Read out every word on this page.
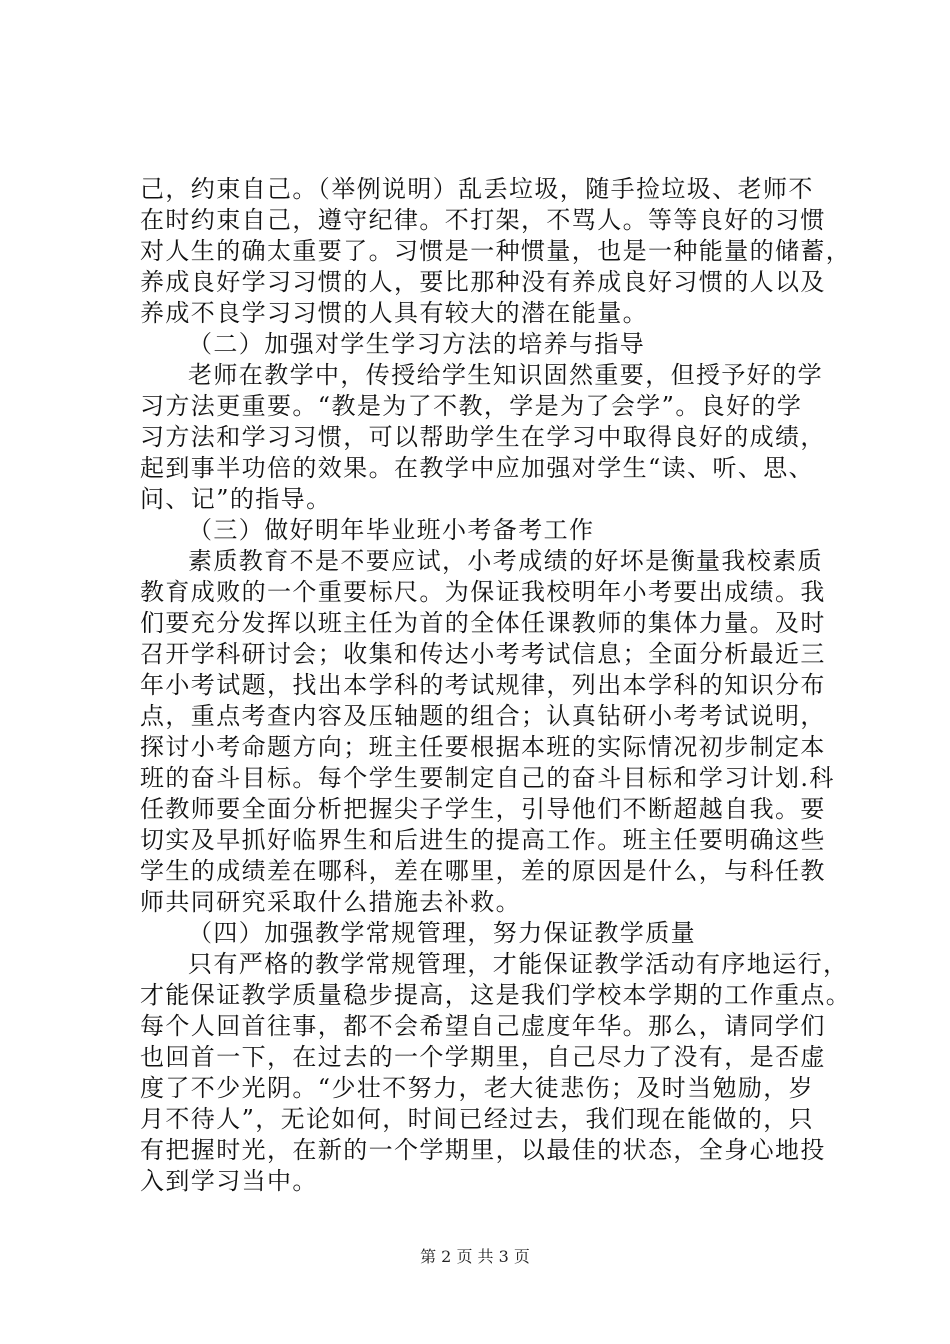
己，约束自己。（举例说明）乱丢垃圾，随手捡垃圾、老师不
在时约束自己，遵守纪律。不打架，不骂人。等等良好的习惯
对人生的确太重要了。习惯是一种惯量，也是一种能量的储蓄，
养成良好学习习惯的人，要比那种没有养成良好习惯的人以及
养成不良学习习惯的人具有较大的潜在能量。
（二）加强对学生学习方法的培养与指导
老师在教学中，传授给学生知识固然重要，但授予好的学
习方法更重要。“教是为了不教，学是为了会学”。良好的学
习方法和学习习惯，可以帮助学生在学习中取得良好的成绩，
起到事半功倍的效果。在教学中应加强对学生“读、听、思、
问、记”的指导。
（三）做好明年毕业班小考备考工作
素质教育不是不要应试，小考成绩的好坏是衡量我校素质
教育成败的一个重要标尺。为保证我校明年小考要出成绩。我
们要充分发挥以班主任为首的全体任课教师的集体力量。及时
召开学科研讨会；收集和传达小考考试信息；全面分析最近三
年小考试题，找出本学科的考试规律，列出本学科的知识分布
点，重点考查内容及压轴题的组合；认真钻研小考考试说明，
探讨小考命题方向；班主任要根据本班的实际情况初步制定本
班的奋斗目标。每个学生要制定自己的奋斗目标和学习计划.科
任教师要全面分析把握尖子学生，引导他们不断超越自我。要
切实及早抓好临界生和后进生的提高工作。班主任要明确这些
学生的成绩差在哪科，差在哪里，差的原因是什么，与科任教
师共同研究采取什么措施去补救。
（四）加强教学常规管理，努力保证教学质量
只有严格的教学常规管理，才能保证教学活动有序地运行，
才能保证教学质量稳步提高，这是我们学校本学期的工作重点。
每个人回首往事，都不会希望自己虚度年华。那么，请同学们
也回首一下，在过去的一个学期里，自己尽力了没有，是否虚
度了不少光阴。“少壮不努力，老大徒悲伤；及时当勉励，岁
月不待人”，无论如何，时间已经过去，我们现在能做的，只
有把握时光，在新的一个学期里，以最佳的状态，全身心地投
入到学习当中。
第 2 页 共 3 页
